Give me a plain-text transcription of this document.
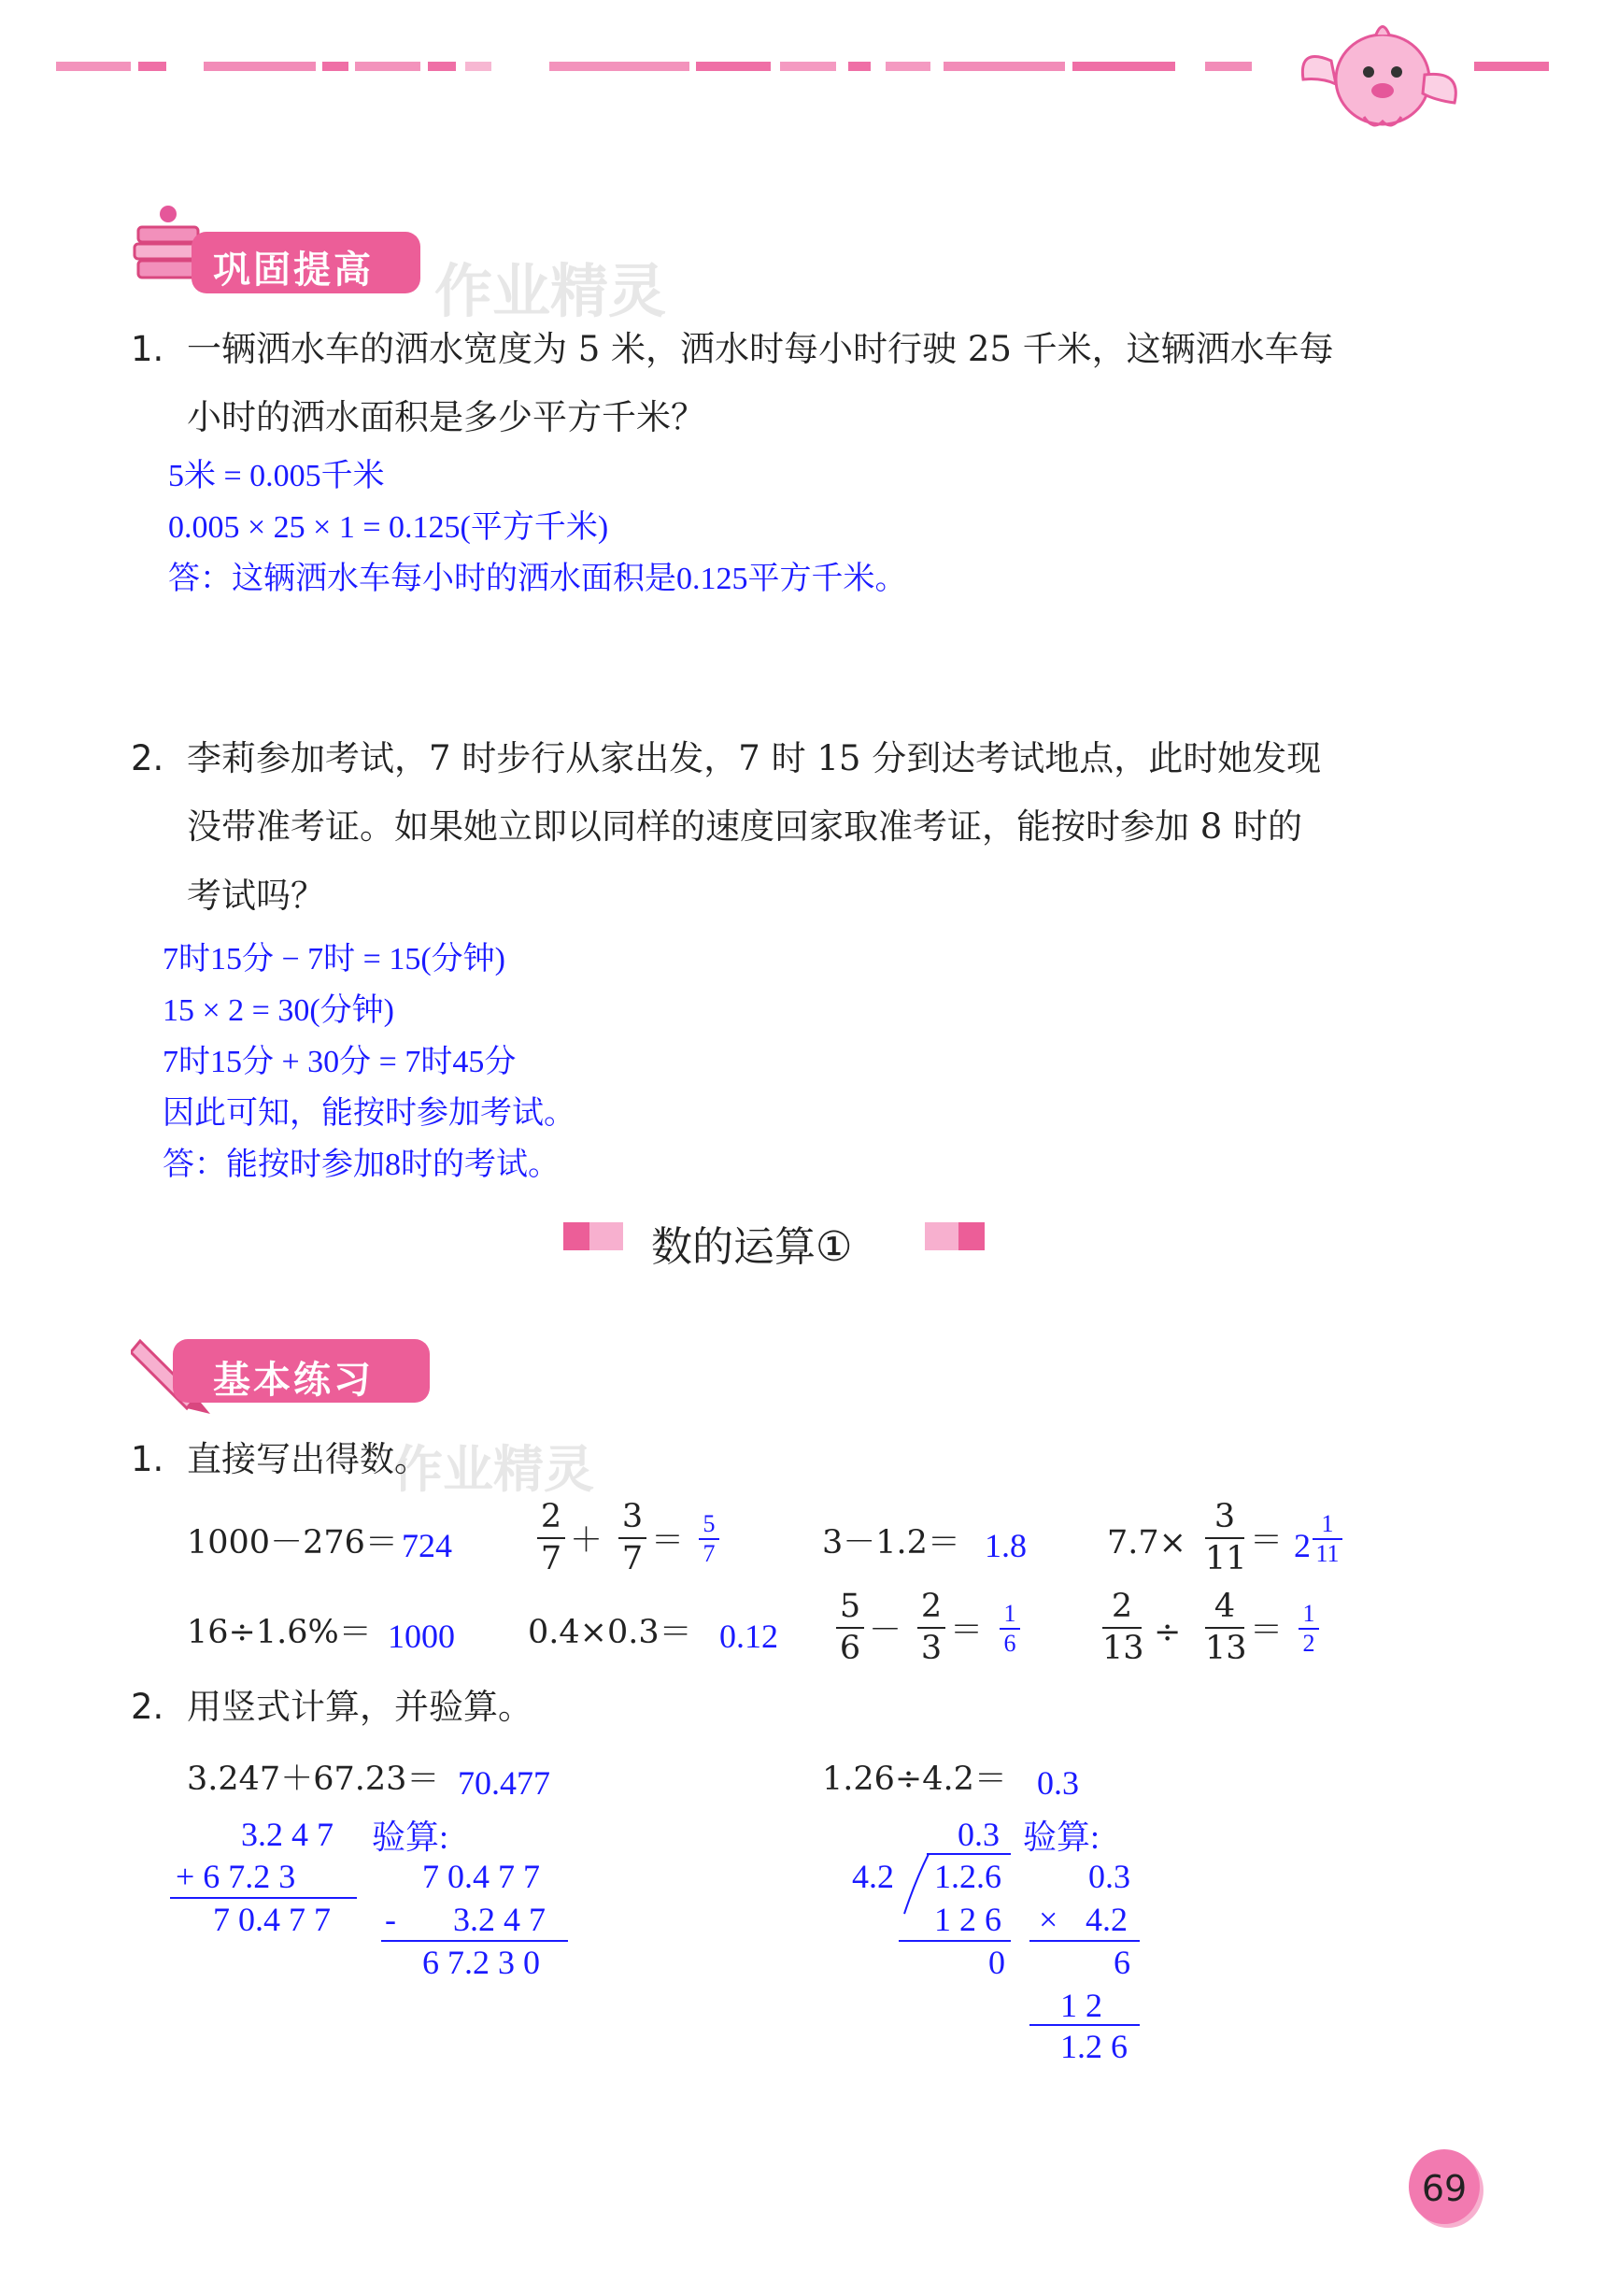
巩固提高 作业精灵
1. 一辆洒水车的洒水宽度为 5 米，洒水时每小时行驶 25 千米，这辆洒水车每
小时的洒水面积是多少平方千米？
5米 = 0.005千米
0.005 × 25 × 1 = 0.125(平方千米)
答：这辆洒水车每小时的洒水面积是0.125平方千米。
2. 李莉参加考试，7 时步行从家出发，7 时 15 分到达考试地点，此时她发现
没带准考证。如果她立即以同样的速度回家取准考证，能按时参加 8 时的
考试吗？
7时15分 − 7时 = 15(分钟)
15 × 2 = 30(分钟)
7时15分 + 30分 = 7时45分
因此可知，能按时参加考试。
答：能按时参加8时的考试。
数的运算①
基本练习
作业精灵
1. 直接写出得数。
1000－276＝ 724
2
7 ＋
3
7 ＝ 5
7	3－1.2＝ 1.8 7.7×
3
11 ＝ 2
1
11
16÷1.6%＝ 1000 0.4×0.3＝ 0.12
5
6 －
2
3 ＝ 1
6
2
13 ÷
4
13 ＝ 1
2
2. 用竖式计算，并验算。
3.247＋67.23＝ 70.477
3.2 4 7
+ 6 7.2 3
7 0.4 7 7
验算:
7 0.4 7 7
- 3.2 4 7
6 7.2 3 0
1.26÷4.2＝ 0.3
0.3
4.2 1.2.6
1 2 6
0
验算:
0.3
× 4.2
6
1 2
1.2 6
69
